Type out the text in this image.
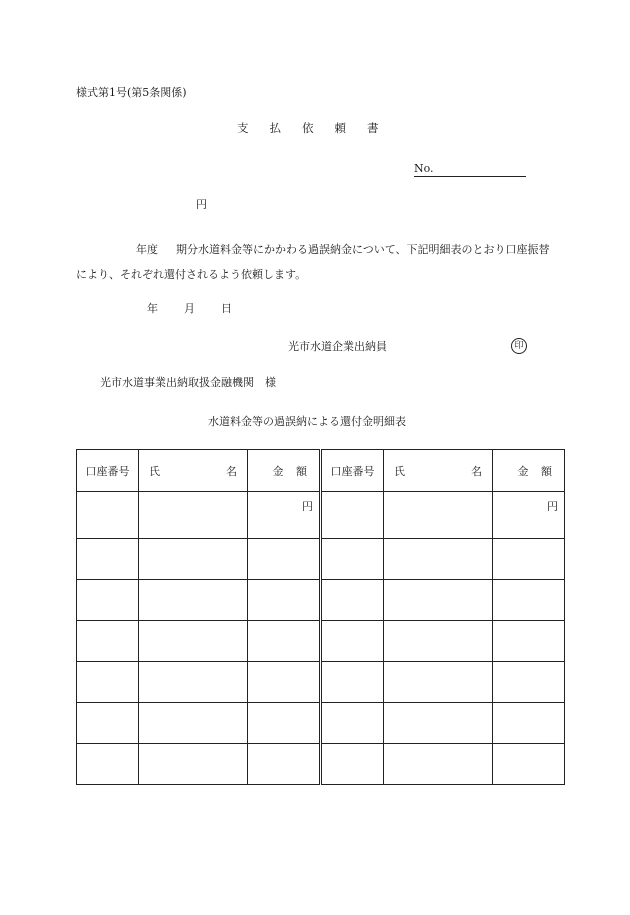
様式第1号(第5条関係)
支払依頼書
No.
円
年度 期分水道料金等にかかわる過誤納金について、下記明細表のとおり口座振替により、それぞれ還付されるよう依頼します。
年 月 日
光市水道企業出納員	印
光市水道事業出納取扱金融機関　様
水道料金等の過誤納による還付金明細表
口座番号	氏 名	金 額	口座番号	氏 名	金 額

		円			円
